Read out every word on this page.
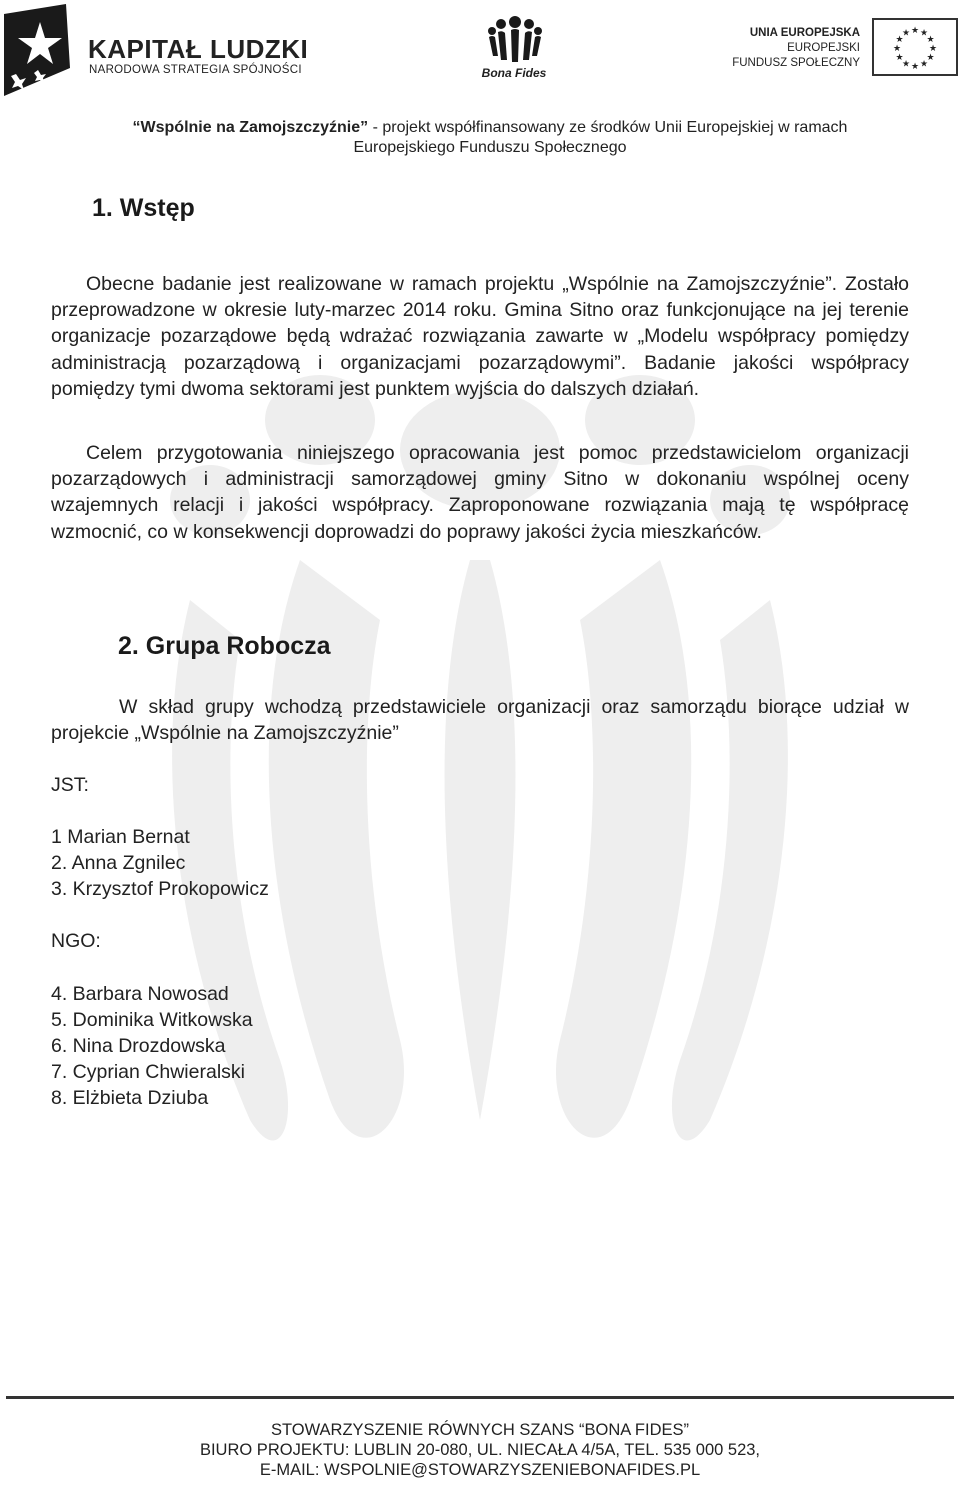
KAPITAŁ LUDZKI
NARODOWA STRATEGIA SPÓJNOŚCI	Bona Fides
UNIA EUROPEJSKA
EUROPEJSKI
FUNDUSZ SPOŁECZNY
★ ★
★
★
★
★
★
★
★
★
★
★
“Wspólnie na Zamojszczyźnie” - projekt współfinansowany ze środków Unii Europejskiej w ramach
Europejskiego Funduszu Społecznego
1. Wstęp
Obecne badanie jest realizowane w ramach projektu „Wspólnie na Zamojszczyźnie”. Zostało przeprowadzone w okresie luty-marzec 2014 roku. Gmina Sitno oraz funkcjonujące na jej terenie organizacje pozarządowe będą wdrażać rozwiązania zawarte w „Modelu współpracy pomiędzy administracją pozarządową i organizacjami pozarządowymi”. Badanie jakości współpracy pomiędzy tymi dwoma sektorami jest punktem wyjścia do dalszych działań.
Celem przygotowania niniejszego opracowania jest pomoc przedstawicielom organizacji pozarządowych i administracji samorządowej gminy Sitno w dokonaniu wspólnej oceny wzajemnych relacji i jakości współpracy. Zaproponowane rozwiązania mają tę współpracę wzmocnić, co w konsekwencji doprowadzi do poprawy jakości życia mieszkańców.
2. Grupa Robocza
W skład grupy wchodzą przedstawiciele organizacji oraz samorządu biorące udział w projekcie „Wspólnie na Zamojszczyźnie”
JST:
1 Marian Bernat
2. Anna Zgnilec
3. Krzysztof Prokopowicz
NGO:
4. Barbara Nowosad
5. Dominika Witkowska
6. Nina Drozdowska
7. Cyprian Chwieralski
8. Elżbieta Dziuba
STOWARZYSZENIE RÓWNYCH SZANS “BONA FIDES”
BIURO PROJEKTU: LUBLIN 20-080, UL. NIECAŁA 4/5A, TEL. 535 000 523,
E-MAIL: WSPOLNIE@STOWARZYSZENIEBONAFIDES.PL
